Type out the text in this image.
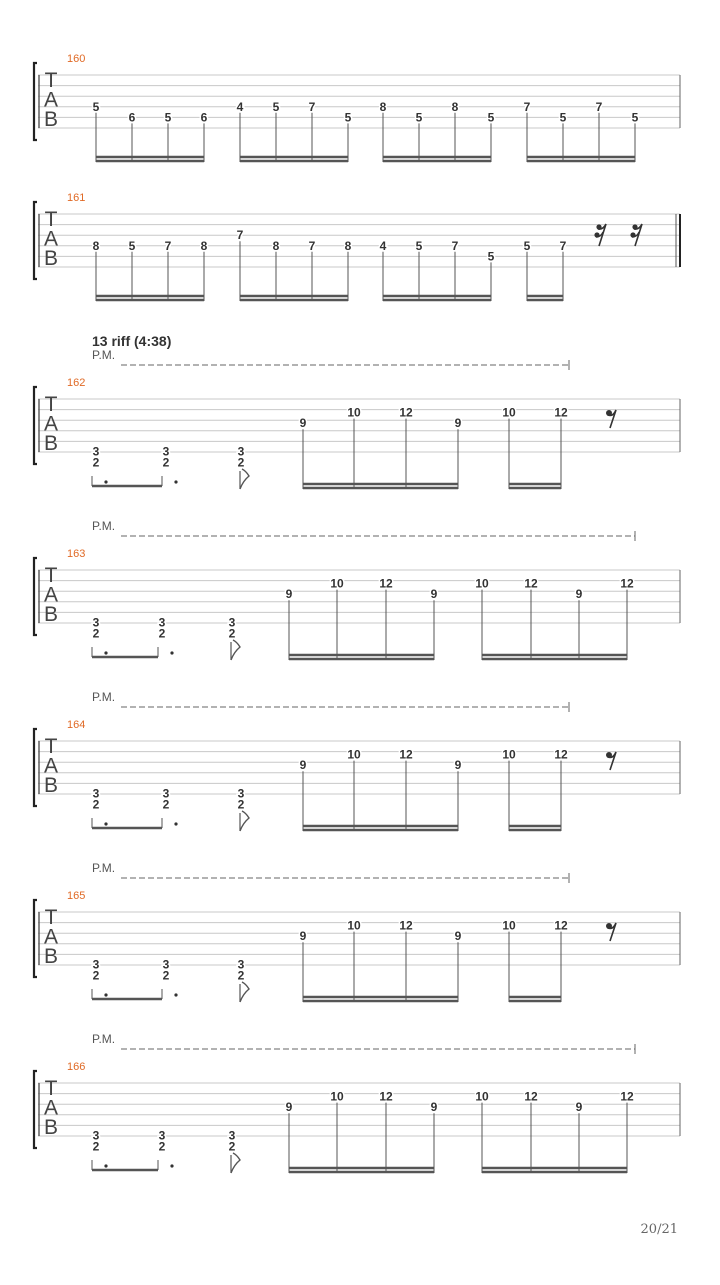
T
A
B
160
5
6 5 6
4 5 7
5
8
5
8
5
7
5
7
5
T
A
B
161
8 5 7 8
7
8 7 8 4 5 7
5
5 7
T
A
B
162
13 riff (4:38)
P.M.
3
2
3
2
3
2
9
10	12
9
10	12
T
A
B
163
P.M.
3
2
3
2
3
2
9
10	12
9
10	12
9
12
T
A
B
164
P.M.
3
2
3
2
3
2
9
10	12
9
10	12
T
A
B
165
P.M.
3
2
3
2
3
2
9
10	12
9
10	12
T
A
B
166
P.M.
3
2
3
2
3
2
9
10	12
9
10	12
9
12
20/21
